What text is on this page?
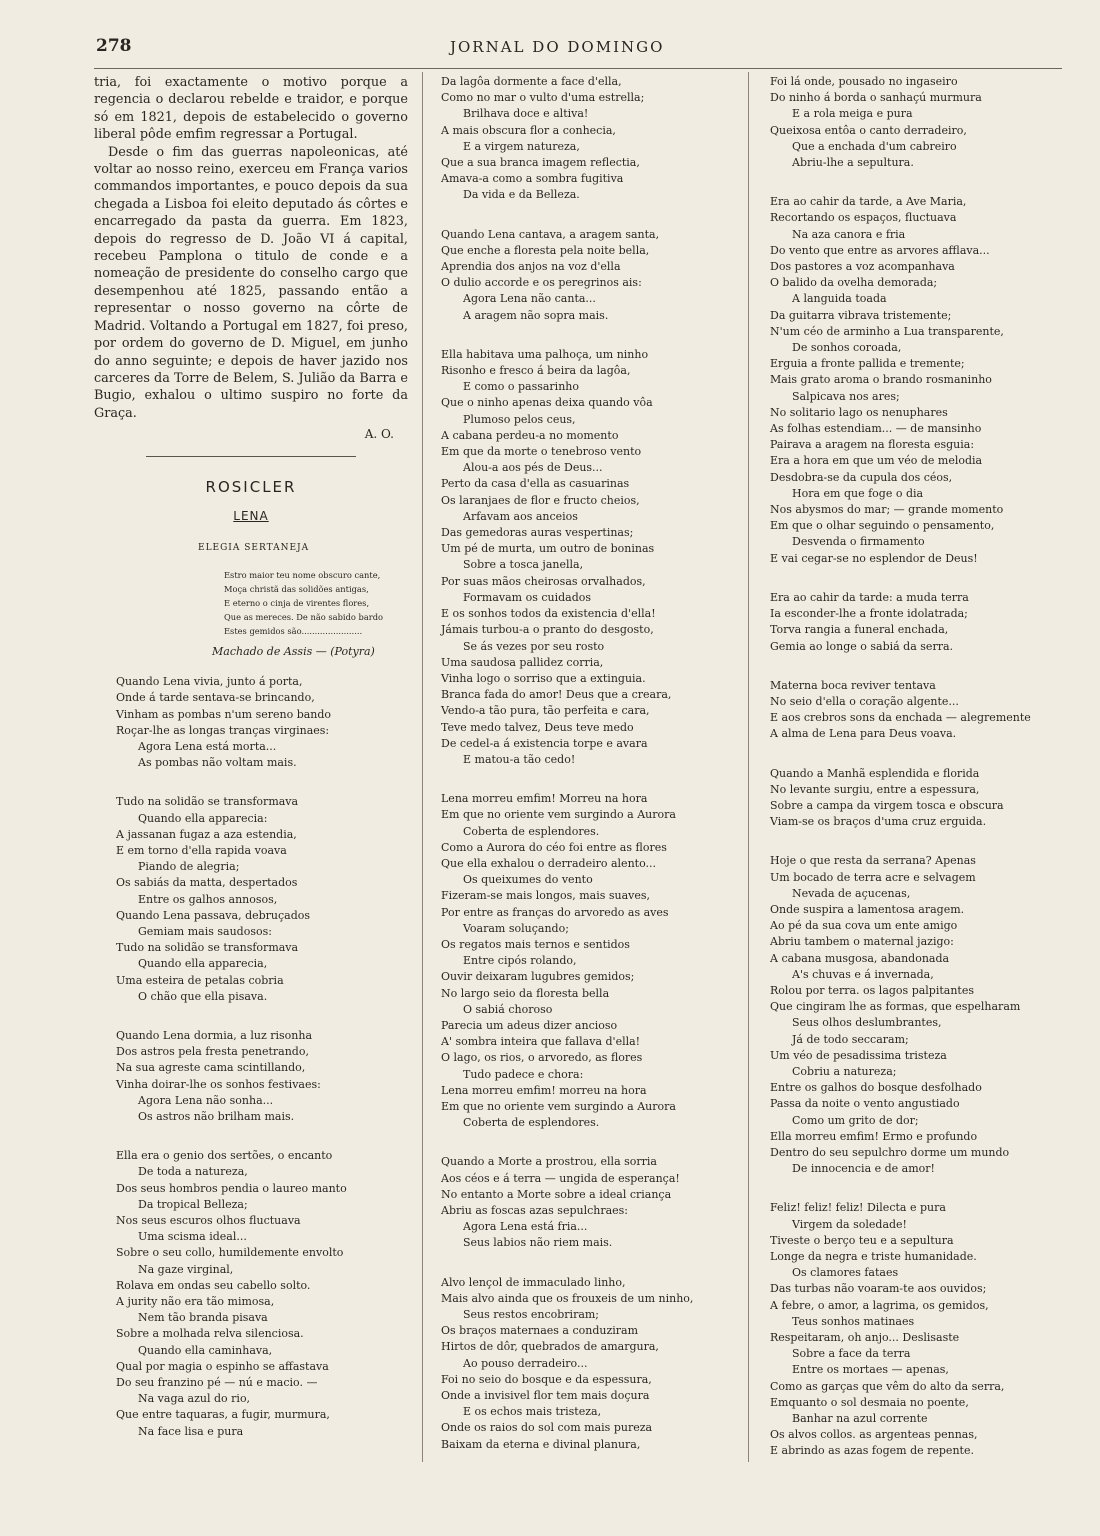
278	JORNAL DO DOMINGO

tria, foi exactamente o motivo porque a regencia o declarou rebelde e traidor, e porque só em 1821, depois de estabelecido o governo liberal pôde emfim regressar a Portugal.

Desde o fim das guerras napoleonicas, até voltar ao nosso reino, exerceu em França varios commandos importantes, e pouco depois da sua chegada a Lisboa foi eleito deputado ás côrtes e encarregado da pasta da guerra. Em 1823, depois do regresso de D. João VI á capital, recebeu Pamplona o titulo de conde e a nomeação de presidente do conselho cargo que desempenhou até 1825, passando então a representar o nosso governo na côrte de Madrid. Voltando a Portugal em 1827, foi preso, por ordem do governo de D. Miguel, em junho do anno seguinte; e depois de haver jazido nos carceres da Torre de Belem, S. Julião da Barra e Bugio, exhalou o ultimo suspiro no forte da Graça.

A. O.
ROSICLER
LENA
ELEGIA SERTANEJA
Estro maior teu nome obscuro cante,
Moça christã das solidões antigas,
E eterno o cinja de virentes flores,
Que as mereces. De não sabido bardo
Estes gemidos são.......................
Machado de Assis — (Potyra)
Quando Lena vivia, junto á porta,
Onde á tarde sentava-se brincando,
Vinham as pombas n'um sereno bando
Roçar-lhe as longas tranças virginaes:
Agora Lena está morta...
As pombas não voltam mais.
Tudo na solidão se transformava
Quando ella apparecia:
A jassanan fugaz a aza estendia,
E em torno d'ella rapida voava
Piando de alegria;
Os sabiás da matta, despertados
Entre os galhos annosos,
Quando Lena passava, debruçados
Gemiam mais saudosos:
Tudo na solidão se transformava
Quando ella apparecia,
Uma esteira de petalas cobria
O chão que ella pisava.
Quando Lena dormia, a luz risonha
Dos astros pela fresta penetrando,
Na sua agreste cama scintillando,
Vinha doirar-lhe os sonhos festivaes:
Agora Lena não sonha...
Os astros não brilham mais.
Ella era o genio dos sertões, o encanto
De toda a natureza,
Dos seus hombros pendia o laureo manto
Da tropical Belleza;
Nos seus escuros olhos fluctuava
Uma scisma ideal...
Sobre o seu collo, humildemente envolto
Na gaze virginal,
Rolava em ondas seu cabello solto.
A jurity não era tão mimosa,
Nem tão branda pisava
Sobre a molhada relva silenciosa.
Quando ella caminhava,
Qual por magia o espinho se affastava
Do seu franzino pé — nú e macio. —
Na vaga azul do rio,
Que entre taquaras, a fugir, murmura,
Na face lisa e pura
Da lagôa dormente a face d'ella,
Como no mar o vulto d'uma estrella;
Brilhava doce e altiva!
A mais obscura flor a conhecia,
E a virgem natureza,
Que a sua branca imagem reflectia,
Amava-a como a sombra fugitiva
Da vida e da Belleza.
Quando Lena cantava, a aragem santa,
Que enche a floresta pela noite bella,
Aprendia dos anjos na voz d'ella
O dulio accorde e os peregrinos ais:
Agora Lena não canta...
A aragem não sopra mais.
Ella habitava uma palhoça, um ninho
Risonho e fresco á beira da lagôa,
E como o passarinho
Que o ninho apenas deixa quando vôa
Plumoso pelos ceus,
A cabana perdeu-a no momento
Em que da morte o tenebroso vento
Alou-a aos pés de Deus...
Perto da casa d'ella as casuarinas
Os laranjaes de flor e fructo cheios,
Arfavam aos anceios
Das gemedoras auras vespertinas;
Um pé de murta, um outro de boninas
Sobre a tosca janella,
Por suas mãos cheirosas orvalhados,
Formavam os cuidados
E os sonhos todos da existencia d'ella!
Jámais turbou-a o pranto do desgosto,
Se ás vezes por seu rosto
Uma saudosa pallidez corria,
Vinha logo o sorriso que a extinguia.
Branca fada do amor! Deus que a creara,
Vendo-a tão pura, tão perfeita e cara,
Teve medo talvez, Deus teve medo
De cedel-a á existencia torpe e avara
E matou-a tão cedo!
Lena morreu emfim! Morreu na hora
Em que no oriente vem surgindo a Aurora
Coberta de esplendores.
Como a Aurora do céo foi entre as flores
Que ella exhalou o derradeiro alento...
Os queixumes do vento
Fizeram-se mais longos, mais suaves,
Por entre as franças do arvoredo as aves
Voaram soluçando;
Os regatos mais ternos e sentidos
Entre cipós rolando,
Ouvir deixaram lugubres gemidos;
No largo seio da floresta bella
O sabiá choroso
Parecia um adeus dizer ancioso
A' sombra inteira que fallava d'ella!
O lago, os rios, o arvoredo, as flores
Tudo padece e chora:
Lena morreu emfim! morreu na hora
Em que no oriente vem surgindo a Aurora
Coberta de esplendores.
Quando a Morte a prostrou, ella sorria
Aos céos e á terra — ungida de esperança!
No entanto a Morte sobre a ideal criança
Abriu as foscas azas sepulchraes:
Agora Lena está fria...
Seus labios não riem mais.
Alvo lençol de immaculado linho,
Mais alvo ainda que os frouxeis de um ninho,
Seus restos encobriram;
Os braços maternaes a conduziram
Hirtos de dôr, quebrados de amargura,
Ao pouso derradeiro...
Foi no seio do bosque e da espessura,
Onde a invisivel flor tem mais doçura
E os echos mais tristeza,
Onde os raios do sol com mais pureza
Baixam da eterna e divinal planura,
Foi lá onde, pousado no ingaseiro
Do ninho á borda o sanhaçú murmura
E a rola meiga e pura
Queixosa entôa o canto derradeiro,
Que a enchada d'um cabreiro
Abriu-lhe a sepultura.
Era ao cahir da tarde, a Ave Maria,
Recortando os espaços, fluctuava
Na aza canora e fria
Do vento que entre as arvores afflava...
Dos pastores a voz acompanhava
O balido da ovelha demorada;
A languida toada
Da guitarra vibrava tristemente;
N'um céo de arminho a Lua transparente,
De sonhos coroada,
Erguia a fronte pallida e tremente;
Mais grato aroma o brando rosmaninho
Salpicava nos ares;
No solitario lago os nenuphares
As folhas estendiam... — de mansinho
Pairava a aragem na floresta esguia:
Era a hora em que um véo de melodia
Desdobra-se da cupula dos céos,
Hora em que foge o dia
Nos abysmos do mar; — grande momento
Em que o olhar seguindo o pensamento,
Desvenda o firmamento
E vai cegar-se no esplendor de Deus!
Era ao cahir da tarde: a muda terra
Ia esconder-lhe a fronte idolatrada;
Torva rangia a funeral enchada,
Gemia ao longe o sabiá da serra.
Materna boca reviver tentava
No seio d'ella o coração algente...
E aos crebros sons da enchada — alegremente
A alma de Lena para Deus voava.
Quando a Manhã esplendida e florida
No levante surgiu, entre a espessura,
Sobre a campa da virgem tosca e obscura
Viam-se os braços d'uma cruz erguida.
Hoje o que resta da serrana? Apenas
Um bocado de terra acre e selvagem
Nevada de açucenas,
Onde suspira a lamentosa aragem.
Ao pé da sua cova um ente amigo
Abriu tambem o maternal jazigo:
A cabana musgosa, abandonada
A's chuvas e á invernada,
Rolou por terra. os lagos palpitantes
Que cingiram lhe as formas, que espelharam
Seus olhos deslumbrantes,
Já de todo seccaram;
Um véo de pesadissima tristeza
Cobriu a natureza;
Entre os galhos do bosque desfolhado
Passa da noite o vento angustiado
Como um grito de dor;
Ella morreu emfim! Ermo e profundo
Dentro do seu sepulchro dorme um mundo
De innocencia e de amor!
Feliz! feliz! feliz! Dilecta e pura
Virgem da soledade!
Tiveste o berço teu e a sepultura
Longe da negra e triste humanidade.
Os clamores fataes
Das turbas não voaram-te aos ouvidos;
A febre, o amor, a lagrima, os gemidos,
Teus sonhos matinaes
Respeitaram, oh anjo... Deslisaste
Sobre a face da terra
Entre os mortaes — apenas,
Como as garças que vêm do alto da serra,
Emquanto o sol desmaia no poente,
Banhar na azul corrente
Os alvos collos. as argenteas pennas,
E abrindo as azas fogem de repente.
